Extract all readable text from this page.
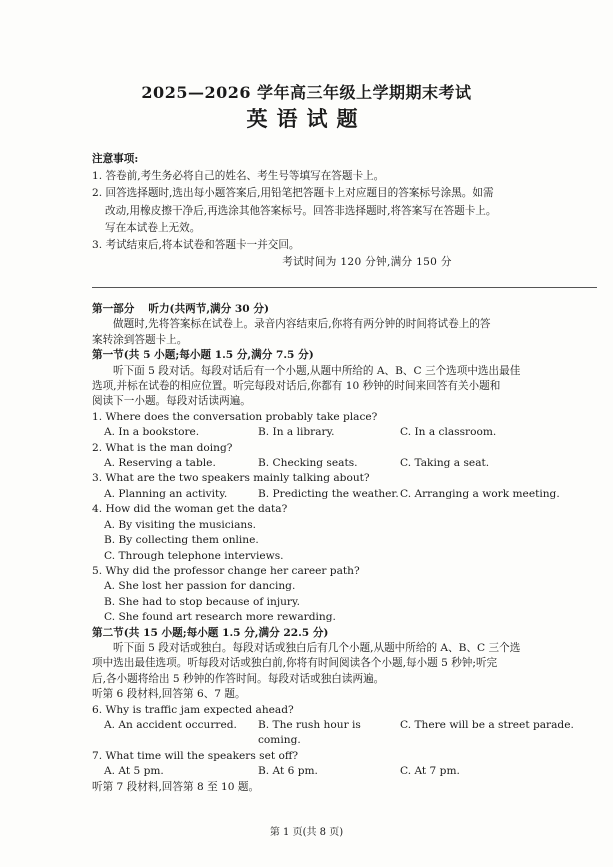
2025—2026 学年高三年级上学期期末考试
英语试题
注意事项:
1. 答卷前,考生务必将自己的姓名、考生号等填写在答题卡上。
2. 回答选择题时,选出每小题答案后,用铅笔把答题卡上对应题目的答案标号涂黑。如需
改动,用橡皮擦干净后,再选涂其他答案标号。回答非选择题时,将答案写在答题卡上。
写在本试卷上无效。
3. 考试结束后,将本试卷和答题卡一并交回。
考试时间为 120 分钟,满分 150 分
第一部分 听力(共两节,满分 30 分)
做题时,先将答案标在试卷上。录音内容结束后,你将有两分钟的时间将试卷上的答
案转涂到答题卡上。
第一节(共 5 小题;每小题 1.5 分,满分 7.5 分)
听下面 5 段对话。每段对话后有一个小题,从题中所给的 A、B、C 三个选项中选出最佳
选项,并标在试卷的相应位置。听完每段对话后,你都有 10 秒钟的时间来回答有关小题和
阅读下一小题。每段对话读两遍。
1. Where does the conversation probably take place?
A. In a bookstore.	B. In a library.	C. In a classroom.
2. What is the man doing?
A. Reserving a table.	B. Checking seats.	C. Taking a seat.
3. What are the two speakers mainly talking about?
A. Planning an activity.	B. Predicting the weather. C. Arranging a work meeting.
4. How did the woman get the data?
A. By visiting the musicians.
B. By collecting them online.
C. Through telephone interviews.
5. Why did the professor change her career path?
A. She lost her passion for dancing.
B. She had to stop because of injury.
C. She found art research more rewarding.
第二节(共 15 小题;每小题 1.5 分,满分 22.5 分)
听下面 5 段对话或独白。每段对话或独白后有几个小题,从题中所给的 A、B、C 三个选
项中选出最佳选项。听每段对话或独白前,你将有时间阅读各个小题,每小题 5 秒钟;听完
后,各小题将给出 5 秒钟的作答时间。每段对话或独白读两遍。
听第 6 段材料,回答第 6、7 题。
6. Why is traffic jam expected ahead?
A. An accident occurred.	B. The rush hour is coming.
C. There will be a street parade.
7. What time will the speakers set off?
A. At 5 pm.	B. At 6 pm.	C. At 7 pm.
听第 7 段材料,回答第 8 至 10 题。
第 1 页(共 8 页)
